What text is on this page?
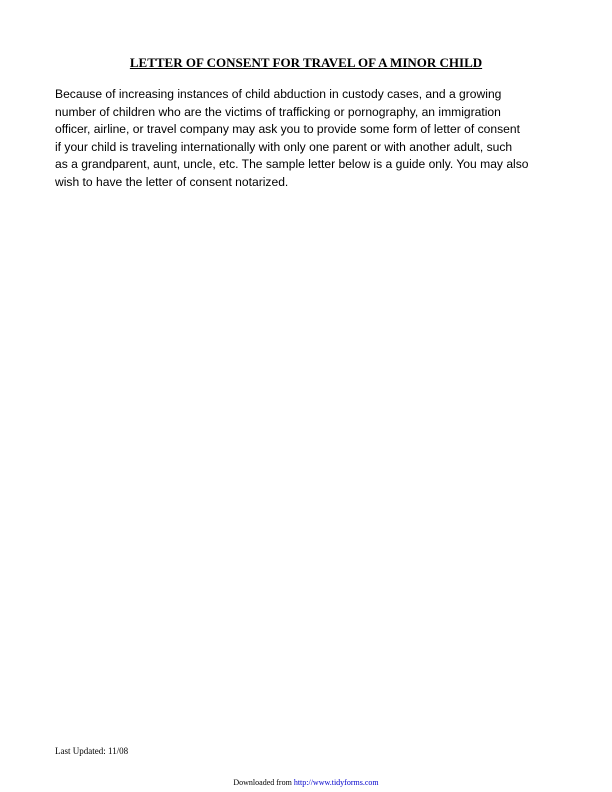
LETTER OF CONSENT FOR TRAVEL OF A MINOR CHILD

Because of increasing instances of child abduction in custody cases, and a growing
number of children who are the victims of trafficking or pornography, an immigration
officer, airline, or travel company may ask you to provide some form of letter of consent
if your child is traveling internationally with only one parent or with another adult, such
as a grandparent, aunt, uncle, etc. The sample letter below is a guide only. You may also
wish to have the letter of consent notarized.

Last Updated: 11/08

Downloaded from http://www.tidyforms.com
